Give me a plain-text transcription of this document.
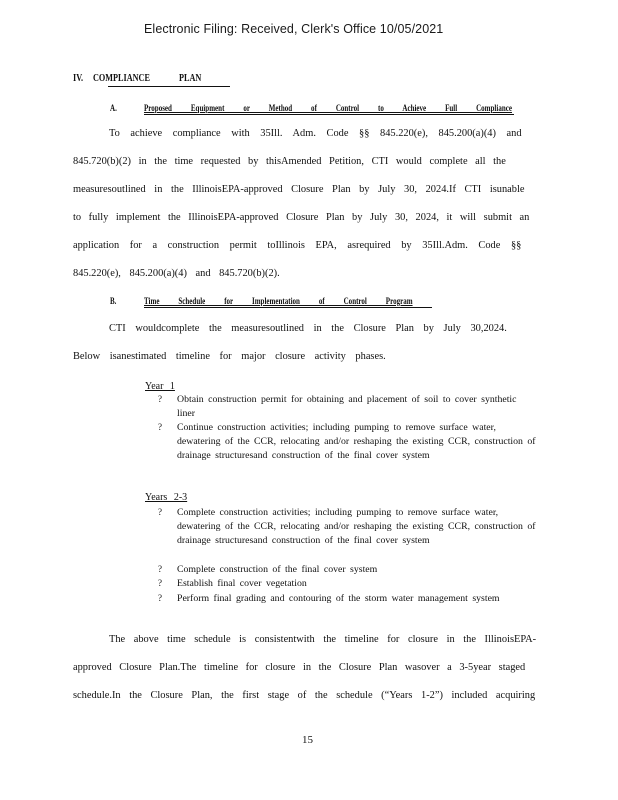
Electronic Filing: Received, Clerk's Office 10/05/2021
IV. COMPLIANCE	PLAN
A.	Proposed Equipment or Method of Control to Achieve Full Compliance
To achieve compliance with 35Ill. Adm. Code §§ 845.220(e), 845.200(a)(4) and
845.720(b)(2) in the time requested by thisAmended Petition, CTI would complete all the
measuresoutlined in the IllinoisEPA-approved Closure Plan by July 30, 2024.If CTI isunable
to fully implement the IllinoisEPA-approved Closure Plan by July 30, 2024, it will submit an
application for a construction permit toIllinois EPA, asrequired by 35Ill.Adm. Code §§
845.220(e), 845.200(a)(4) and 845.720(b)(2).
B.	Time Schedule for Implementation of Control Program
CTI wouldcomplete the measuresoutlined in the Closure Plan by July 30,2024.
Below isanestimated timeline for major closure activity phases.
Year 1
? Obtain construction permit for obtaining and placement of soil to cover synthetic liner
? Continue construction activities; including pumping to remove surface water, dewatering of the CCR, relocating and/or reshaping the existing CCR, construction of drainage structuresand construction of the final cover system
Years 2-3
? Complete construction activities; including pumping to remove surface water, dewatering of the CCR, relocating and/or reshaping the existing CCR, construction of drainage structuresand construction of the final cover system
? Complete construction of the final cover system
? Establish final cover vegetation
? Perform final grading and contouring of the storm water management system
The above time schedule is consistentwith the timeline for closure in the IllinoisEPA-
approved Closure Plan.The timeline for closure in the Closure Plan wasover a 3-5year staged
schedule.In the Closure Plan, the first stage of the schedule (“Years 1-2”) included acquiring
15
